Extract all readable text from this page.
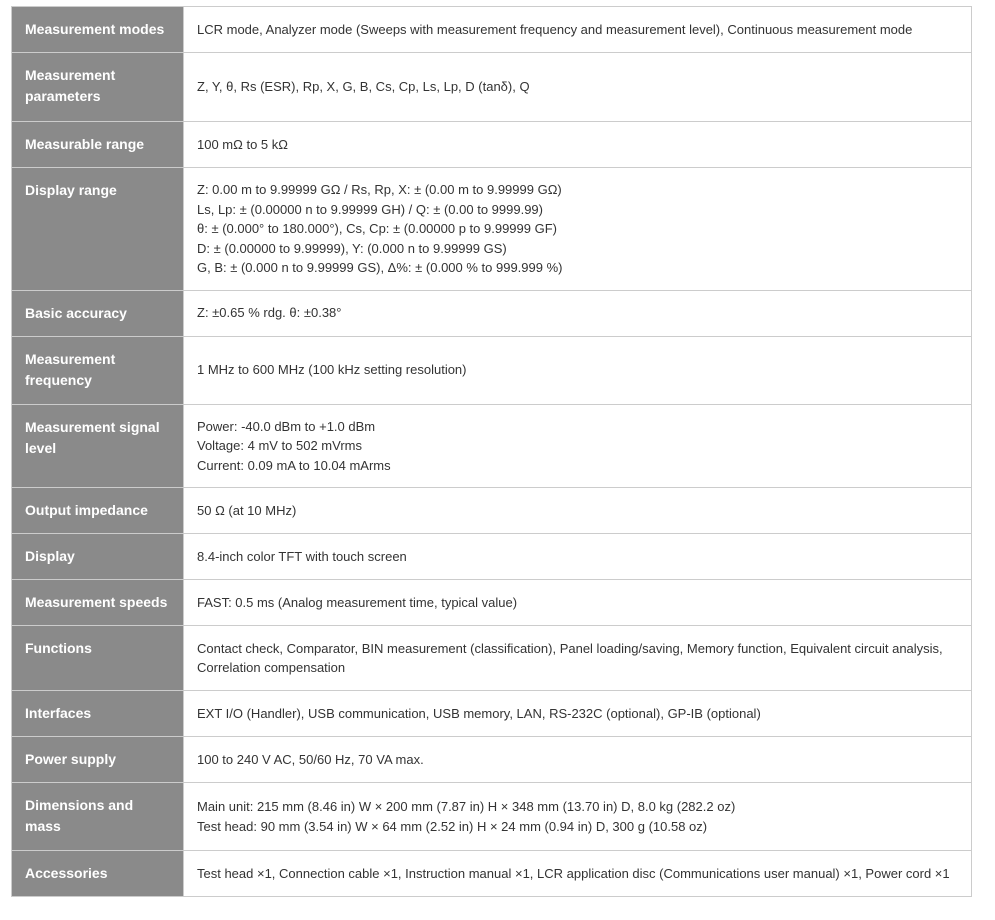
Measurement modes	LCR mode, Analyzer mode (Sweeps with measurement frequency and measurement level), Continuous measurement mode

Measurement parameters	Z, Y, θ, Rs (ESR), Rp, X, G, B, Cs, Cp, Ls, Lp, D (tanδ), Q

Measurable range	100 mΩ to 5 kΩ

Display range	Z: 0.00 m to 9.99999 GΩ / Rs, Rp, X: ± (0.00 m to 9.99999 GΩ)
Ls, Lp: ± (0.00000 n to 9.99999 GH) / Q: ± (0.00 to 9999.99)
θ: ± (0.000° to 180.000°), Cs, Cp: ± (0.00000 p to 9.99999 GF)
D: ± (0.00000 to 9.99999), Y: (0.000 n to 9.99999 GS)
G, B: ± (0.000 n to 9.99999 GS), Δ%: ± (0.000 % to 999.999 %)

Basic accuracy	Z: ±0.65 % rdg. θ: ±0.38°

Measurement frequency	1 MHz to 600 MHz (100 kHz setting resolution)

Measurement signal level	Power: -40.0 dBm to +1.0 dBm
Voltage: 4 mV to 502 mVrms
Current: 0.09 mA to 10.04 mArms

Output impedance	50 Ω (at 10 MHz)

Display	8.4-inch color TFT with touch screen

Measurement speeds	FAST: 0.5 ms (Analog measurement time, typical value)

Functions	Contact check, Comparator, BIN measurement (classification), Panel loading/saving, Memory function, Equivalent circuit analysis, Correlation compensation

Interfaces	EXT I/O (Handler), USB communication, USB memory, LAN, RS-232C (optional), GP-IB (optional)

Power supply	100 to 240 V AC, 50/60 Hz, 70 VA max.

Dimensions and mass	Main unit: 215 mm (8.46 in) W × 200 mm (7.87 in) H × 348 mm (13.70 in) D, 8.0 kg (282.2 oz)
Test head: 90 mm (3.54 in) W × 64 mm (2.52 in) H × 24 mm (0.94 in) D, 300 g (10.58 oz)

Accessories	Test head ×1, Connection cable ×1, Instruction manual ×1, LCR application disc (Communications user manual) ×1, Power cord ×1
